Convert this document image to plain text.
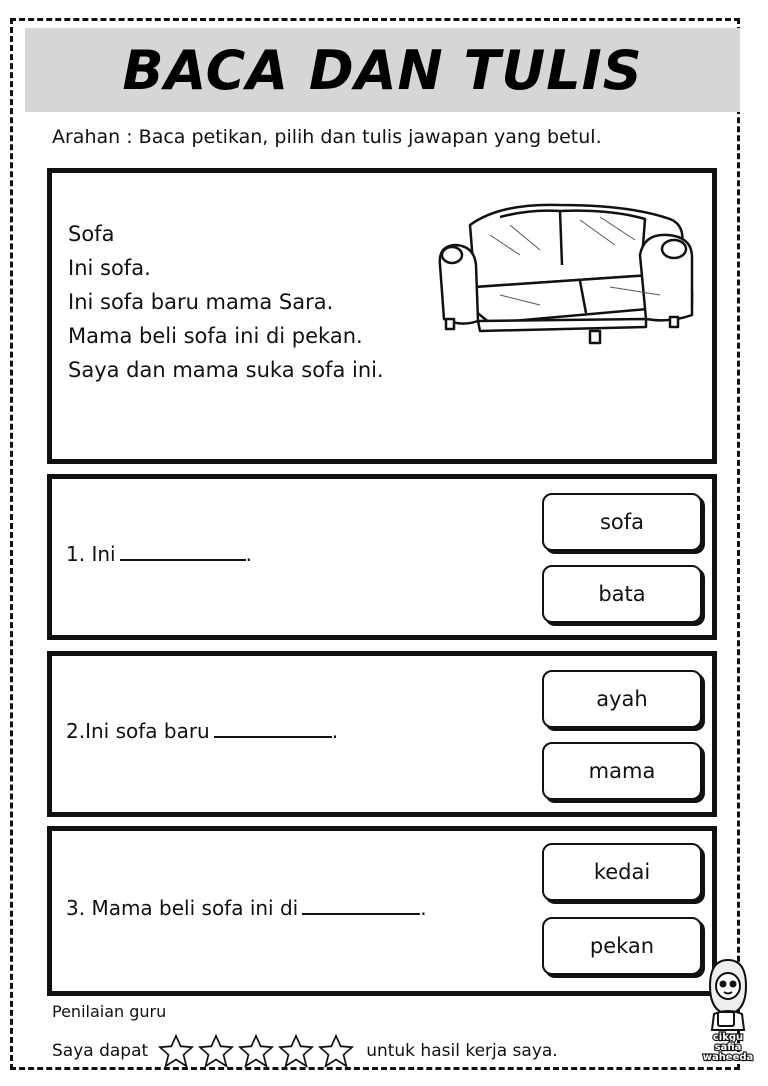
BACA DAN TULIS
Arahan : Baca petikan, pilih dan tulis jawapan yang betul.
Sofa
Ini sofa.
Ini sofa baru mama Sara.
Mama beli sofa ini di pekan.
Saya dan mama suka sofa ini.
1. Ini	.
sofa
bata
2.Ini sofa baru	.
ayah
mama
3. Mama beli sofa ini di	.
kedai
pekan
Penilaian guru
Saya dapat	untuk hasil kerja saya.
cikgu
safia
waheeda
